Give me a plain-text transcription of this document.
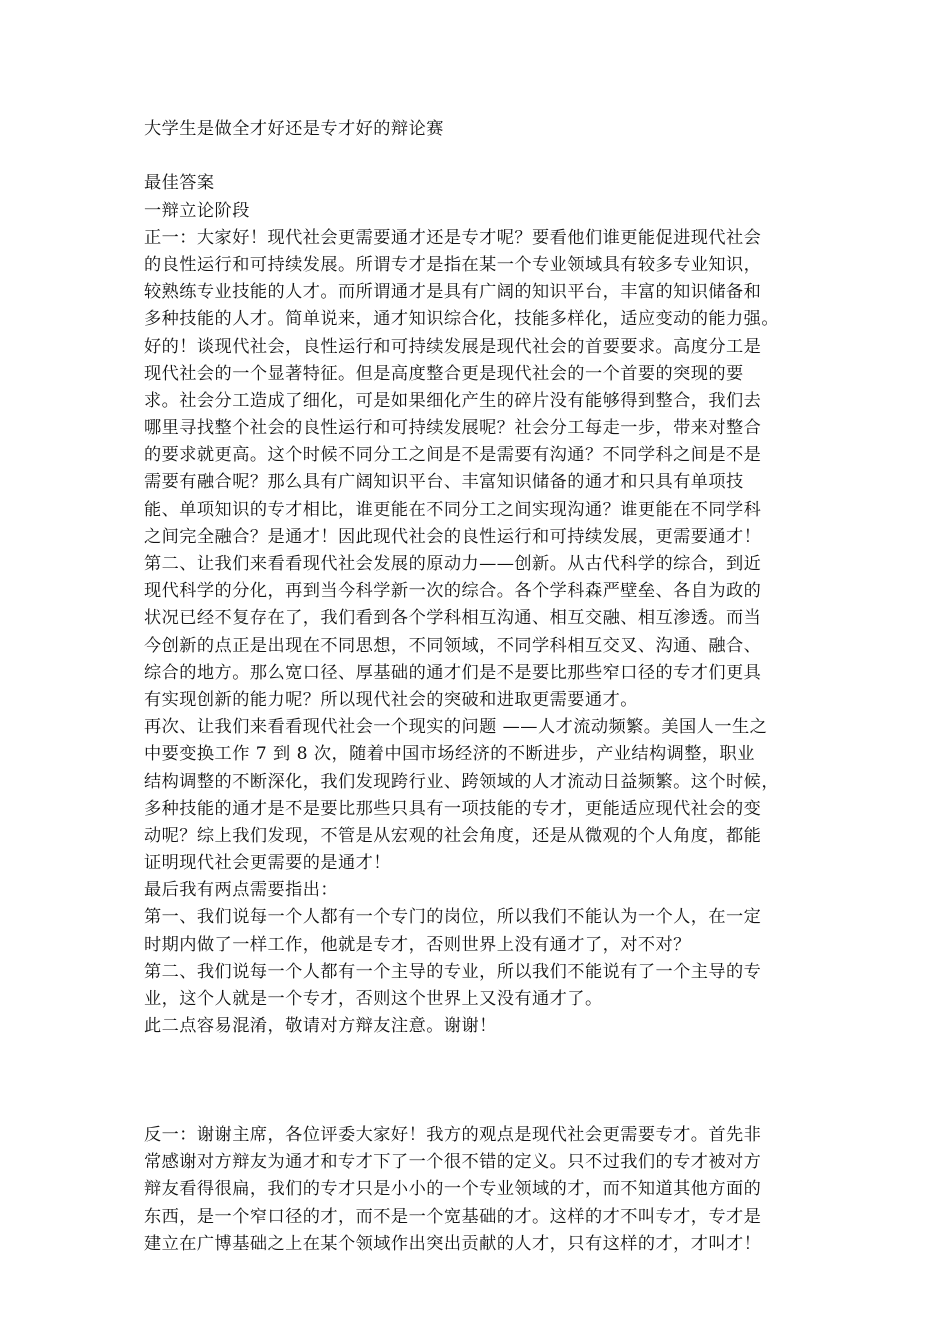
大学生是做全才好还是专才好的辩论赛
最佳答案
一辩立论阶段
正一：大家好！现代社会更需要通才还是专才呢？要看他们谁更能促进现代社会
的良性运行和可持续发展。所谓专才是指在某一个专业领域具有较多专业知识，
较熟练专业技能的人才。而所谓通才是具有广阔的知识平台，丰富的知识储备和
多种技能的人才。简单说来，通才知识综合化，技能多样化，适应变动的能力强。
好的！谈现代社会，良性运行和可持续发展是现代社会的首要要求。高度分工是
现代社会的一个显著特征。但是高度整合更是现代社会的一个首要的突现的要
求。社会分工造成了细化，可是如果细化产生的碎片没有能够得到整合，我们去
哪里寻找整个社会的良性运行和可持续发展呢？社会分工每走一步，带来对整合
的要求就更高。这个时候不同分工之间是不是需要有沟通？不同学科之间是不是
需要有融合呢？那么具有广阔知识平台、丰富知识储备的通才和只具有单项技
能、单项知识的专才相比，谁更能在不同分工之间实现沟通？谁更能在不同学科
之间完全融合？是通才！因此现代社会的良性运行和可持续发展，更需要通才！
第二、让我们来看看现代社会发展的原动力——创新。从古代科学的综合，到近
现代科学的分化，再到当今科学新一次的综合。各个学科森严壁垒、各自为政的
状况已经不复存在了，我们看到各个学科相互沟通、相互交融、相互渗透。而当
今创新的点正是出现在不同思想，不同领域，不同学科相互交叉、沟通、融合、
综合的地方。那么宽口径、厚基础的通才们是不是要比那些窄口径的专才们更具
有实现创新的能力呢？所以现代社会的突破和进取更需要通才。
再次、让我们来看看现代社会一个现实的问题 ——人才流动频繁。美国人一生之
中要变换工作 7 到 8 次，随着中国市场经济的不断进步，产业结构调整，职业
结构调整的不断深化，我们发现跨行业、跨领域的人才流动日益频繁。这个时候，
多种技能的通才是不是要比那些只具有一项技能的专才，更能适应现代社会的变
动呢？综上我们发现，不管是从宏观的社会角度，还是从微观的个人角度，都能
证明现代社会更需要的是通才！
最后我有两点需要指出：
第一、我们说每一个人都有一个专门的岗位，所以我们不能认为一个人，在一定
时期内做了一样工作，他就是专才，否则世界上没有通才了，对不对？
第二、我们说每一个人都有一个主导的专业，所以我们不能说有了一个主导的专
业，这个人就是一个专才，否则这个世界上又没有通才了。
此二点容易混淆，敬请对方辩友注意。谢谢！
反一：谢谢主席，各位评委大家好！我方的观点是现代社会更需要专才。首先非
常感谢对方辩友为通才和专才下了一个很不错的定义。只不过我们的专才被对方
辩友看得很扁，我们的专才只是小小的一个专业领域的才，而不知道其他方面的
东西，是一个窄口径的才，而不是一个宽基础的才。这样的才不叫专才，专才是
建立在广博基础之上在某个领域作出突出贡献的人才，只有这样的才，才叫才！
